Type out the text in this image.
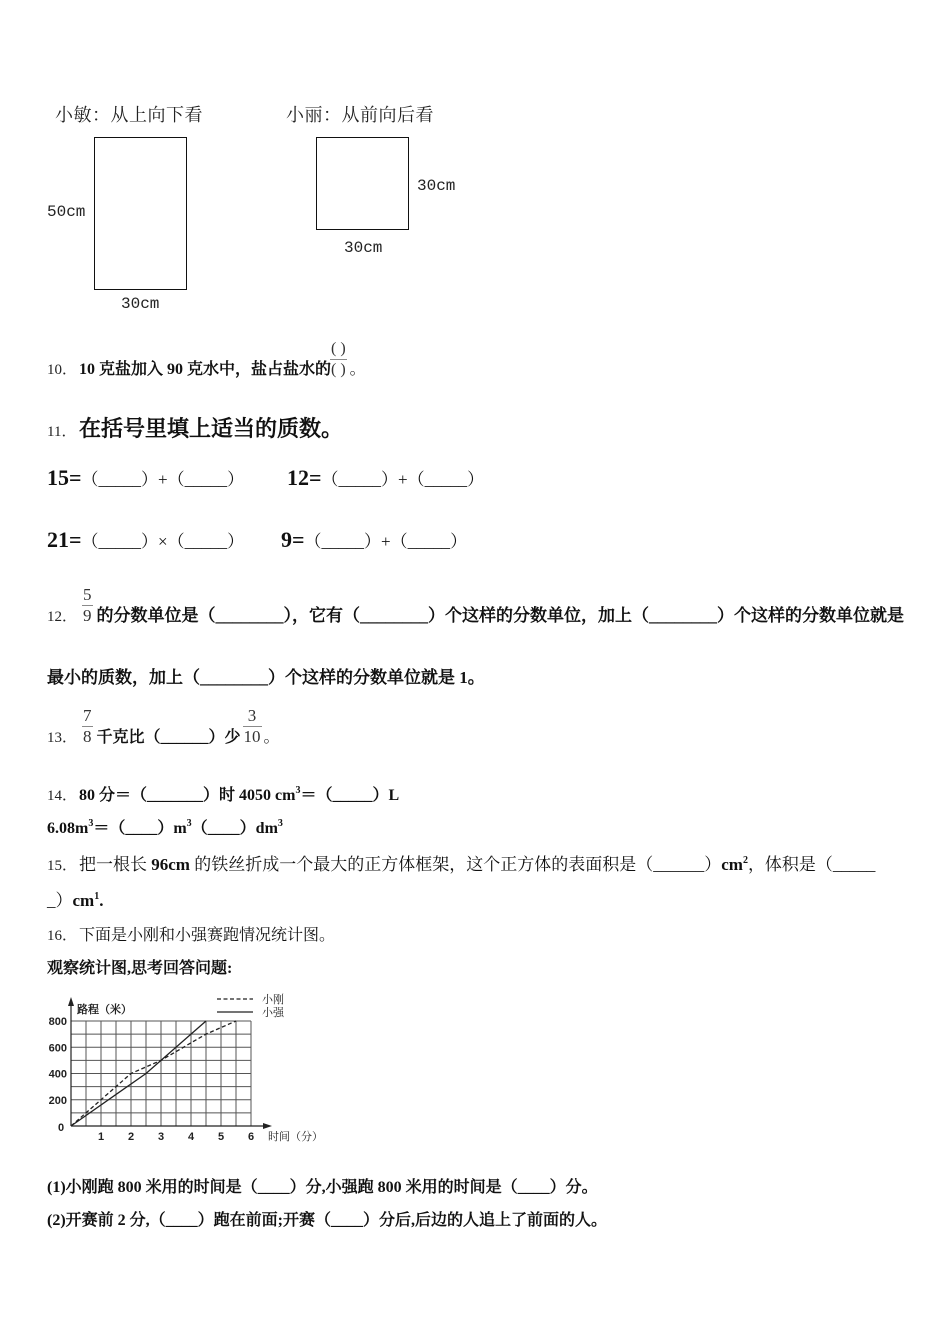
小敏：从上向下看
50cm
30cm
小丽：从前向后看
30cm
30cm
10． 10 克盐加入 90 克水中，盐占盐水的 $\frac{( )}{( )}$ 。
11． 在括号里填上适当的质数。
15=（_____）+（_____） 12=（_____）+（_____）
21=（_____）×（_____） 9=（_____）+（_____）
12． $\frac{5}{9}$ 的分数单位是（________），它有（________）个这样的分数单位，加上（________）个这样的分数单位就是
最小的质数，加上（________）个这样的分数单位就是 1。
13． $\frac{7}{8}$ 千克比（______）少 $\frac{3}{10}$ 。
14． 80 分＝（_______）时 4050 $cm^3=(\_\_\_\_\_)L$
$6.08m^3=(\_\_\_\_)m^3(\_\_\_\_)dm^3$
15． 把一根长 96cm 的铁丝折成一个最大的正方体框架，这个正方体的表面积是$(\_\_\_\_\_\_)cm^2$，体积是（_____
$\_)cm^1$.
16． 下面是小刚和小强赛跑情况统计图。
观察统计图,思考回答问题:
0
200
400
600
800
1 2 3 4 5 6
路程（米）
时间（分）
小刚
小强
(1)小刚跑 800 米用的时间是（____）分,小强跑 800 米用的时间是（____）分。
(2)开赛前 2 分,（____）跑在前面;开赛（____）分后,后边的人追上了前面的人。
